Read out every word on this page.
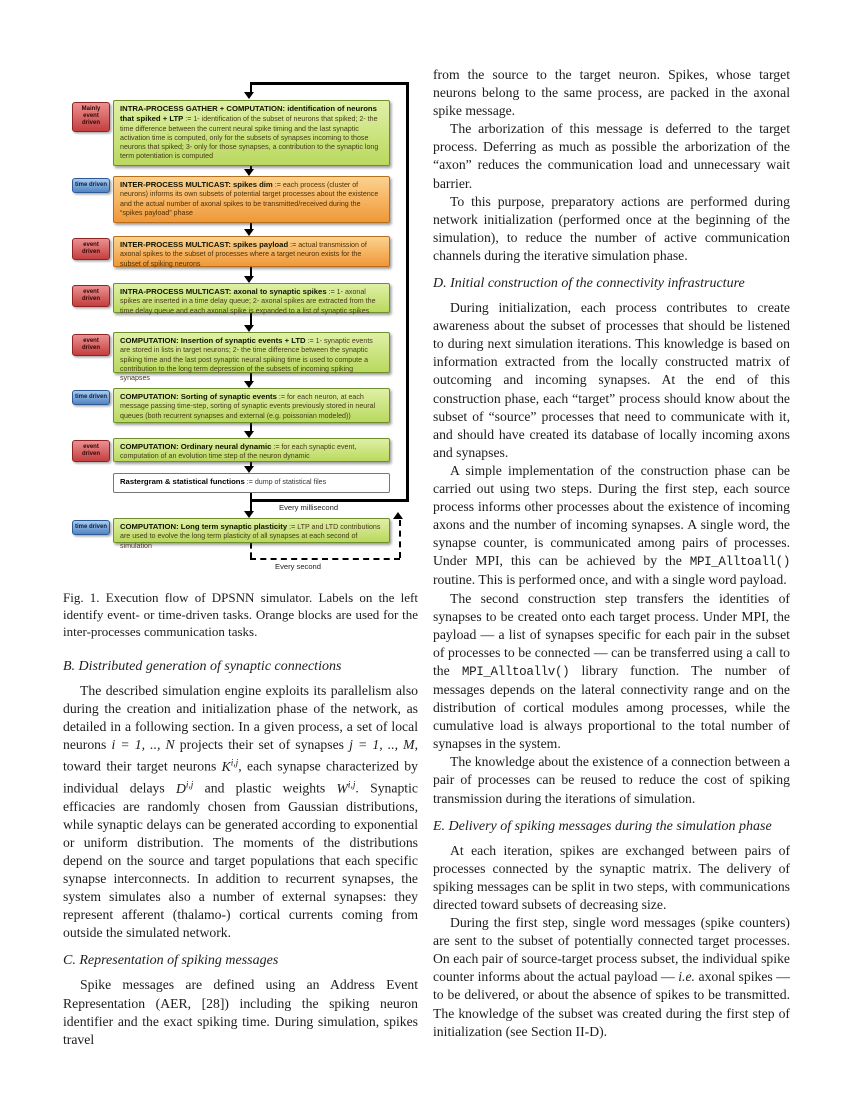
Every millisecond
Every second
Mainly event driven
time driven
event driven
event driven
event driven
time driven
event driven
time driven
INTRA-PROCESS GATHER + COMPUTATION: identification of neurons that spiked + LTP := 1- identification of the subset of neurons that spiked; 2- the time difference between the current neural spike timing and the last synaptic activation time is computed, only for the subsets of synapses incoming to those neurons that spiked; 3- only for those synapses, a contribution to the synaptic long term potentiation is computed
INTER-PROCESS MULTICAST: spikes dim := each process (cluster of neurons) informs its own subsets of potential target processes about the existence and the actual number of axonal spikes to be transmitted/received during the “spikes payload” phase
INTER-PROCESS MULTICAST: spikes payload := actual transmission of axonal spikes to the subset of processes where a target neuron exists for the subset of spiking neurons
INTRA-PROCESS MULTICAST: axonal to synaptic spikes := 1- axonal spikes are inserted in a time delay queue; 2- axonal spikes are extracted from the time delay queue and each axonal spike is expanded to a list of synaptic spikes
COMPUTATION: Insertion of synaptic events + LTD := 1- synaptic events are stored in lists in target neurons; 2- the time difference between the synaptic spiking time and the last post synaptic neural spiking time is used to compute a contribution to the long term depression of the subsets of incoming spiking synapses
COMPUTATION: Sorting of synaptic events := for each neuron, at each message passing time-step, sorting of synaptic events previously stored in neural queues (both recurrent synapses and external (e.g. poissonian modeled))
COMPUTATION: Ordinary neural dynamic := for each synaptic event, computation of an evolution time step of the neuron dynamic
Rastergram & statistical functions := dump of statistical files
COMPUTATION: Long term synaptic plasticity := LTP and LTD contributions are used to evolve the long term plasticity of all synapses at each second of simulation
Fig. 1. Execution flow of DPSNN simulator. Labels on the left identify event- or time-driven tasks. Orange blocks are used for the inter-processes communication tasks.
B. Distributed generation of synaptic connections
The described simulation engine exploits its parallelism also during the creation and initialization phase of the network, as detailed in a following section. In a given process, a set of local neurons i = 1, .., N projects their set of synapses j = 1, .., M, toward their target neurons K$^{i,j}$, each synapse characterized by individual delays D$^{i,j}$ and plastic weights W$^{i,j}$. Synaptic efficacies are randomly chosen from Gaussian distributions, while synaptic delays can be generated according to exponential or uniform distribution. The moments of the distributions depend on the source and target populations that each specific synapse interconnects. In addition to recurrent synapses, the system simulates also a number of external synapses: they represent afferent (thalamo-) cortical currents coming from outside the simulated network.
C. Representation of spiking messages
Spike messages are defined using an Address Event Representation (AER, [28]) including the spiking neuron identifier and the exact spiking time. During simulation, spikes travel
from the source to the target neuron. Spikes, whose target neurons belong to the same process, are packed in the axonal spike message.
The arborization of this message is deferred to the target process. Deferring as much as possible the arborization of the “axon” reduces the communication load and unnecessary wait barrier.
To this purpose, preparatory actions are performed during network initialization (performed once at the beginning of the simulation), to reduce the number of active communication channels during the iterative simulation phase.
D. Initial construction of the connectivity infrastructure
During initialization, each process contributes to create awareness about the subset of processes that should be listened to during next simulation iterations. This knowledge is based on information extracted from the locally constructed matrix of outcoming and incoming synapses. At the end of this construction phase, each “target” process should know about the subset of “source” processes that need to communicate with it, and should have created its database of locally incoming axons and synapses.
A simple implementation of the construction phase can be carried out using two steps. During the first step, each source process informs other processes about the existence of incoming axons and the number of incoming synapses. A single word, the synapse counter, is communicated among pairs of processes. Under MPI, this can be achieved by the MPI_Alltoall() routine. This is performed once, and with a single word payload.
The second construction step transfers the identities of synapses to be created onto each target process. Under MPI, the payload — a list of synapses specific for each pair in the subset of processes to be connected — can be transferred using a call to the MPI_Alltoallv() library function. The number of messages depends on the lateral connectivity range and on the distribution of cortical modules among processes, while the cumulative load is always proportional to the total number of synapses in the system.
The knowledge about the existence of a connection between a pair of processes can be reused to reduce the cost of spiking transmission during the iterations of simulation.
E. Delivery of spiking messages during the simulation phase
At each iteration, spikes are exchanged between pairs of processes connected by the synaptic matrix. The delivery of spiking messages can be split in two steps, with communications directed toward subsets of decreasing size.
During the first step, single word messages (spike counters) are sent to the subset of potentially connected target processes. On each pair of source-target process subset, the individual spike counter informs about the actual payload — i.e. axonal spikes — to be delivered, or about the absence of spikes to be transmitted. The knowledge of the subset was created during the first step of initialization (see Section II-D).
